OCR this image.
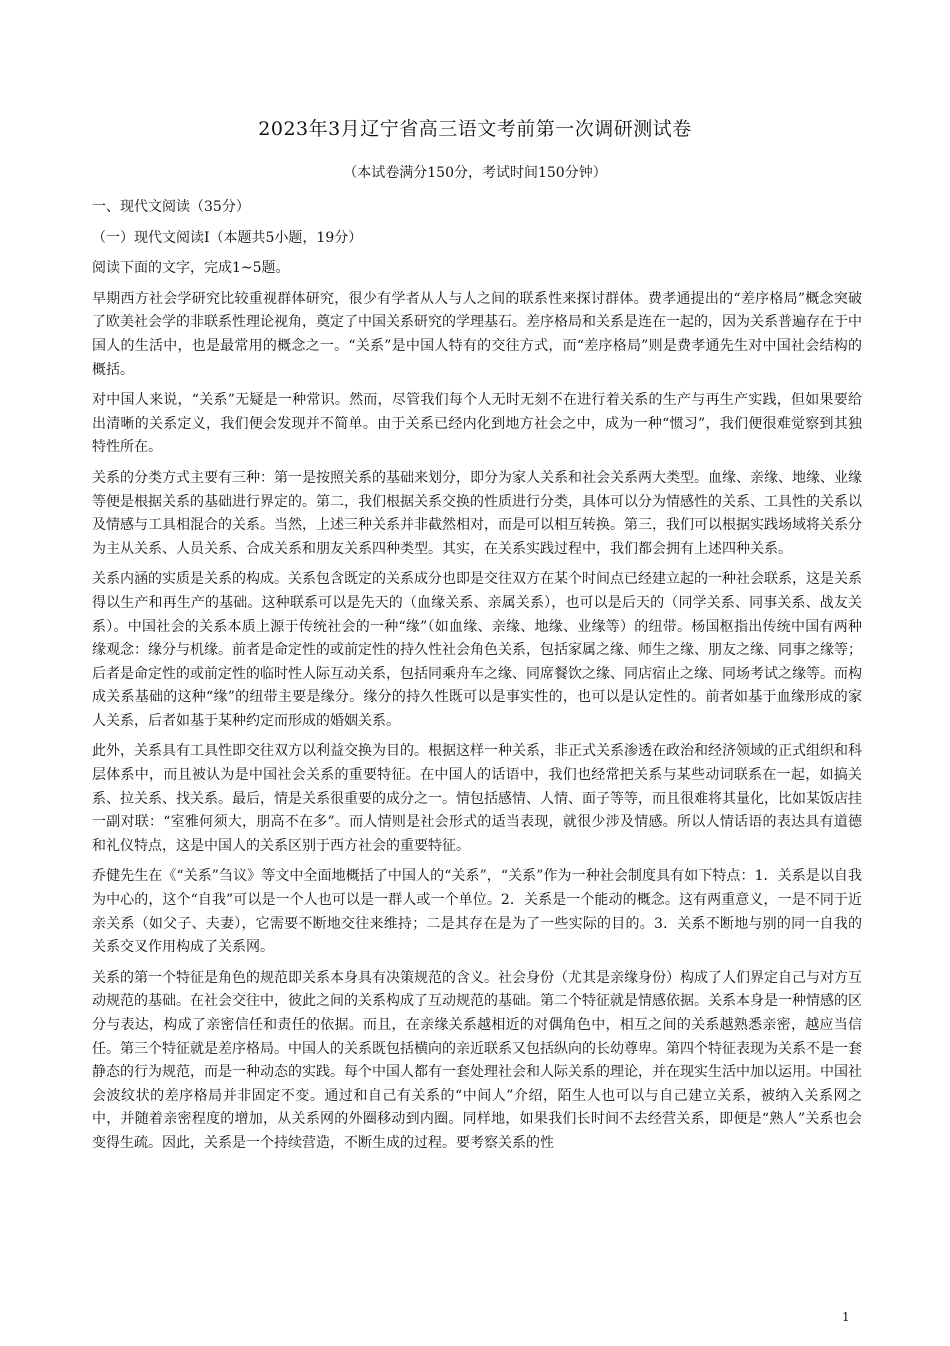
2023年3月辽宁省高三语文考前第一次调研测试卷
（本试卷满分150分，考试时间150分钟）

一、现代文阅读（35分）

（一）现代文阅读Ⅰ（本题共5小题，19分）

阅读下面的文字，完成1~5题。

早期西方社会学研究比较重视群体研究，很少有学者从人与人之间的联系性来探讨群体。费孝通提出的“差序格局”概念突破了欧美社会学的非联系性理论视角，奠定了中国关系研究的学理基石。差序格局和关系是连在一起的，因为关系普遍存在于中国人的生活中，也是最常用的概念之一。“关系”是中国人特有的交往方式，而“差序格局”则是费孝通先生对中国社会结构的概括。

对中国人来说，“关系”无疑是一种常识。然而，尽管我们每个人无时无刻不在进行着关系的生产与再生产实践，但如果要给出清晰的关系定义，我们便会发现并不简单。由于关系已经内化到地方社会之中，成为一种“惯习”，我们便很难觉察到其独特性所在。

关系的分类方式主要有三种：第一是按照关系的基础来划分，即分为家人关系和社会关系两大类型。血缘、亲缘、地缘、业缘等便是根据关系的基础进行界定的。第二，我们根据关系交换的性质进行分类，具体可以分为情感性的关系、工具性的关系以及情感与工具相混合的关系。当然，上述三种关系并非截然相对，而是可以相互转换。第三，我们可以根据实践场域将关系分为主从关系、人员关系、合成关系和朋友关系四种类型。其实，在关系实践过程中，我们都会拥有上述四种关系。

关系内涵的实质是关系的构成。关系包含既定的关系成分也即是交往双方在某个时间点已经建立起的一种社会联系，这是关系得以生产和再生产的基础。这种联系可以是先天的（血缘关系、亲属关系），也可以是后天的（同学关系、同事关系、战友关系）。中国社会的关系本质上源于传统社会的一种“缘”（如血缘、亲缘、地缘、业缘等）的纽带。杨国枢指出传统中国有两种缘观念：缘分与机缘。前者是命定性的或前定性的持久性社会角色关系，包括家属之缘、师生之缘、朋友之缘、同事之缘等；后者是命定性的或前定性的临时性人际互动关系，包括同乘舟车之缘、同席餐饮之缘、同店宿止之缘、同场考试之缘等。而构成关系基础的这种“缘”的纽带主要是缘分。缘分的持久性既可以是事实性的，也可以是认定性的。前者如基于血缘形成的家人关系，后者如基于某种约定而形成的婚姻关系。

此外，关系具有工具性即交往双方以利益交换为目的。根据这样一种关系，非正式关系渗透在政治和经济领域的正式组织和科层体系中，而且被认为是中国社会关系的重要特征。在中国人的话语中，我们也经常把关系与某些动词联系在一起，如搞关系、拉关系、找关系。最后，情是关系很重要的成分之一。情包括感情、人情、面子等等，而且很难将其量化，比如某饭店挂一副对联：“室雅何须大，朋高不在多”。而人情则是社会形式的适当表现，就很少涉及情感。所以人情话语的表达具有道德和礼仪特点，这是中国人的关系区别于西方社会的重要特征。

乔健先生在《“关系”刍议》等文中全面地概括了中国人的“关系”，“关系”作为一种社会制度具有如下特点：1．关系是以自我为中心的，这个“自我”可以是一个人也可以是一群人或一个单位。2．关系是一个能动的概念。这有两重意义，一是不同于近亲关系（如父子、夫妻），它需要不断地交往来维持；二是其存在是为了一些实际的目的。3．关系不断地与别的同一自我的关系交叉作用构成了关系网。

关系的第一个特征是角色的规范即关系本身具有决策规范的含义。社会身份（尤其是亲缘身份）构成了人们界定自己与对方互动规范的基础。在社会交往中，彼此之间的关系构成了互动规范的基础。第二个特征就是情感依据。关系本身是一种情感的区分与表达，构成了亲密信任和责任的依据。而且，在亲缘关系越相近的对偶角色中，相互之间的关系越熟悉亲密，越应当信任。第三个特征就是差序格局。中国人的关系既包括横向的亲近联系又包括纵向的长幼尊卑。第四个特征表现为关系不是一套静态的行为规范，而是一种动态的实践。每个中国人都有一套处理社会和人际关系的理论，并在现实生活中加以运用。中国社会波纹状的差序格局并非固定不变。通过和自己有关系的“中间人”介绍，陌生人也可以与自己建立关系，被纳入关系网之中，并随着亲密程度的增加，从关系网的外圈移动到内圈。同样地，如果我们长时间不去经营关系，即便是“熟人”关系也会变得生疏。因此，关系是一个持续营造，不断生成的过程。要考察关系的性

1
